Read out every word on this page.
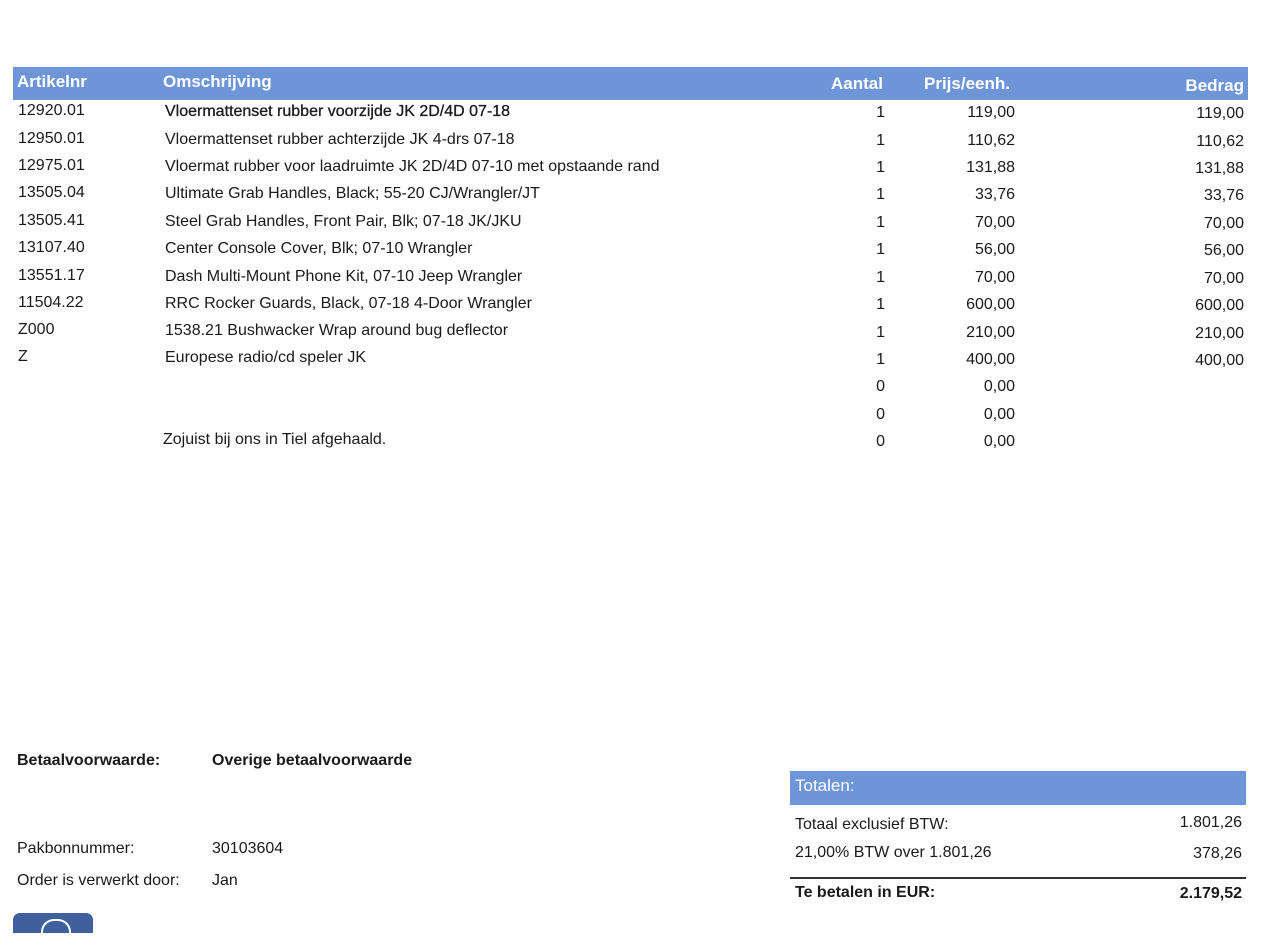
Artikelnr	Omschrijving	Aantal Prijs/eenh.	Bedrag
12920.01	Vloermattenset rubber voorzijde JK 2D/4D 07-18	1	119,00	119,00
12950.01	Vloermattenset rubber achterzijde JK 4-drs 07-18	1	110,62	110,62
12975.01	Vloermat rubber voor laadruimte JK 2D/4D 07-10 met opstaande rand	1	131,88	131,88
13505.04	Ultimate Grab Handles, Black; 55-20 CJ/Wrangler/JT	1	33,76	33,76
13505.41	Steel Grab Handles, Front Pair, Blk; 07-18 JK/JKU	1	70,00	70,00
13107.40	Center Console Cover, Blk; 07-10 Wrangler	1	56,00	56,00
13551.17	Dash Multi-Mount Phone Kit, 07-10 Jeep Wrangler	1	70,00	70,00
11504.22	RRC Rocker Guards, Black, 07-18 4-Door Wrangler	1	600,00	600,00
Z000	1538.21 Bushwacker Wrap around bug deflector	1	210,00	210,00
Z	Europese radio/cd speler JK	1	400,00	400,00
0	0,00
0	0,00
Zojuist bij ons in Tiel afgehaald.	0	0,00
Betaalvoorwaarde:	Overige betaalvoorwaarde
Pakbonnummer:	30103604
Order is verwerkt door: Jan
Totalen:
Totaal exclusief BTW:	1.801,26
21,00% BTW over 1.801,26	378,26
Te betalen in EUR:	2.179,52
